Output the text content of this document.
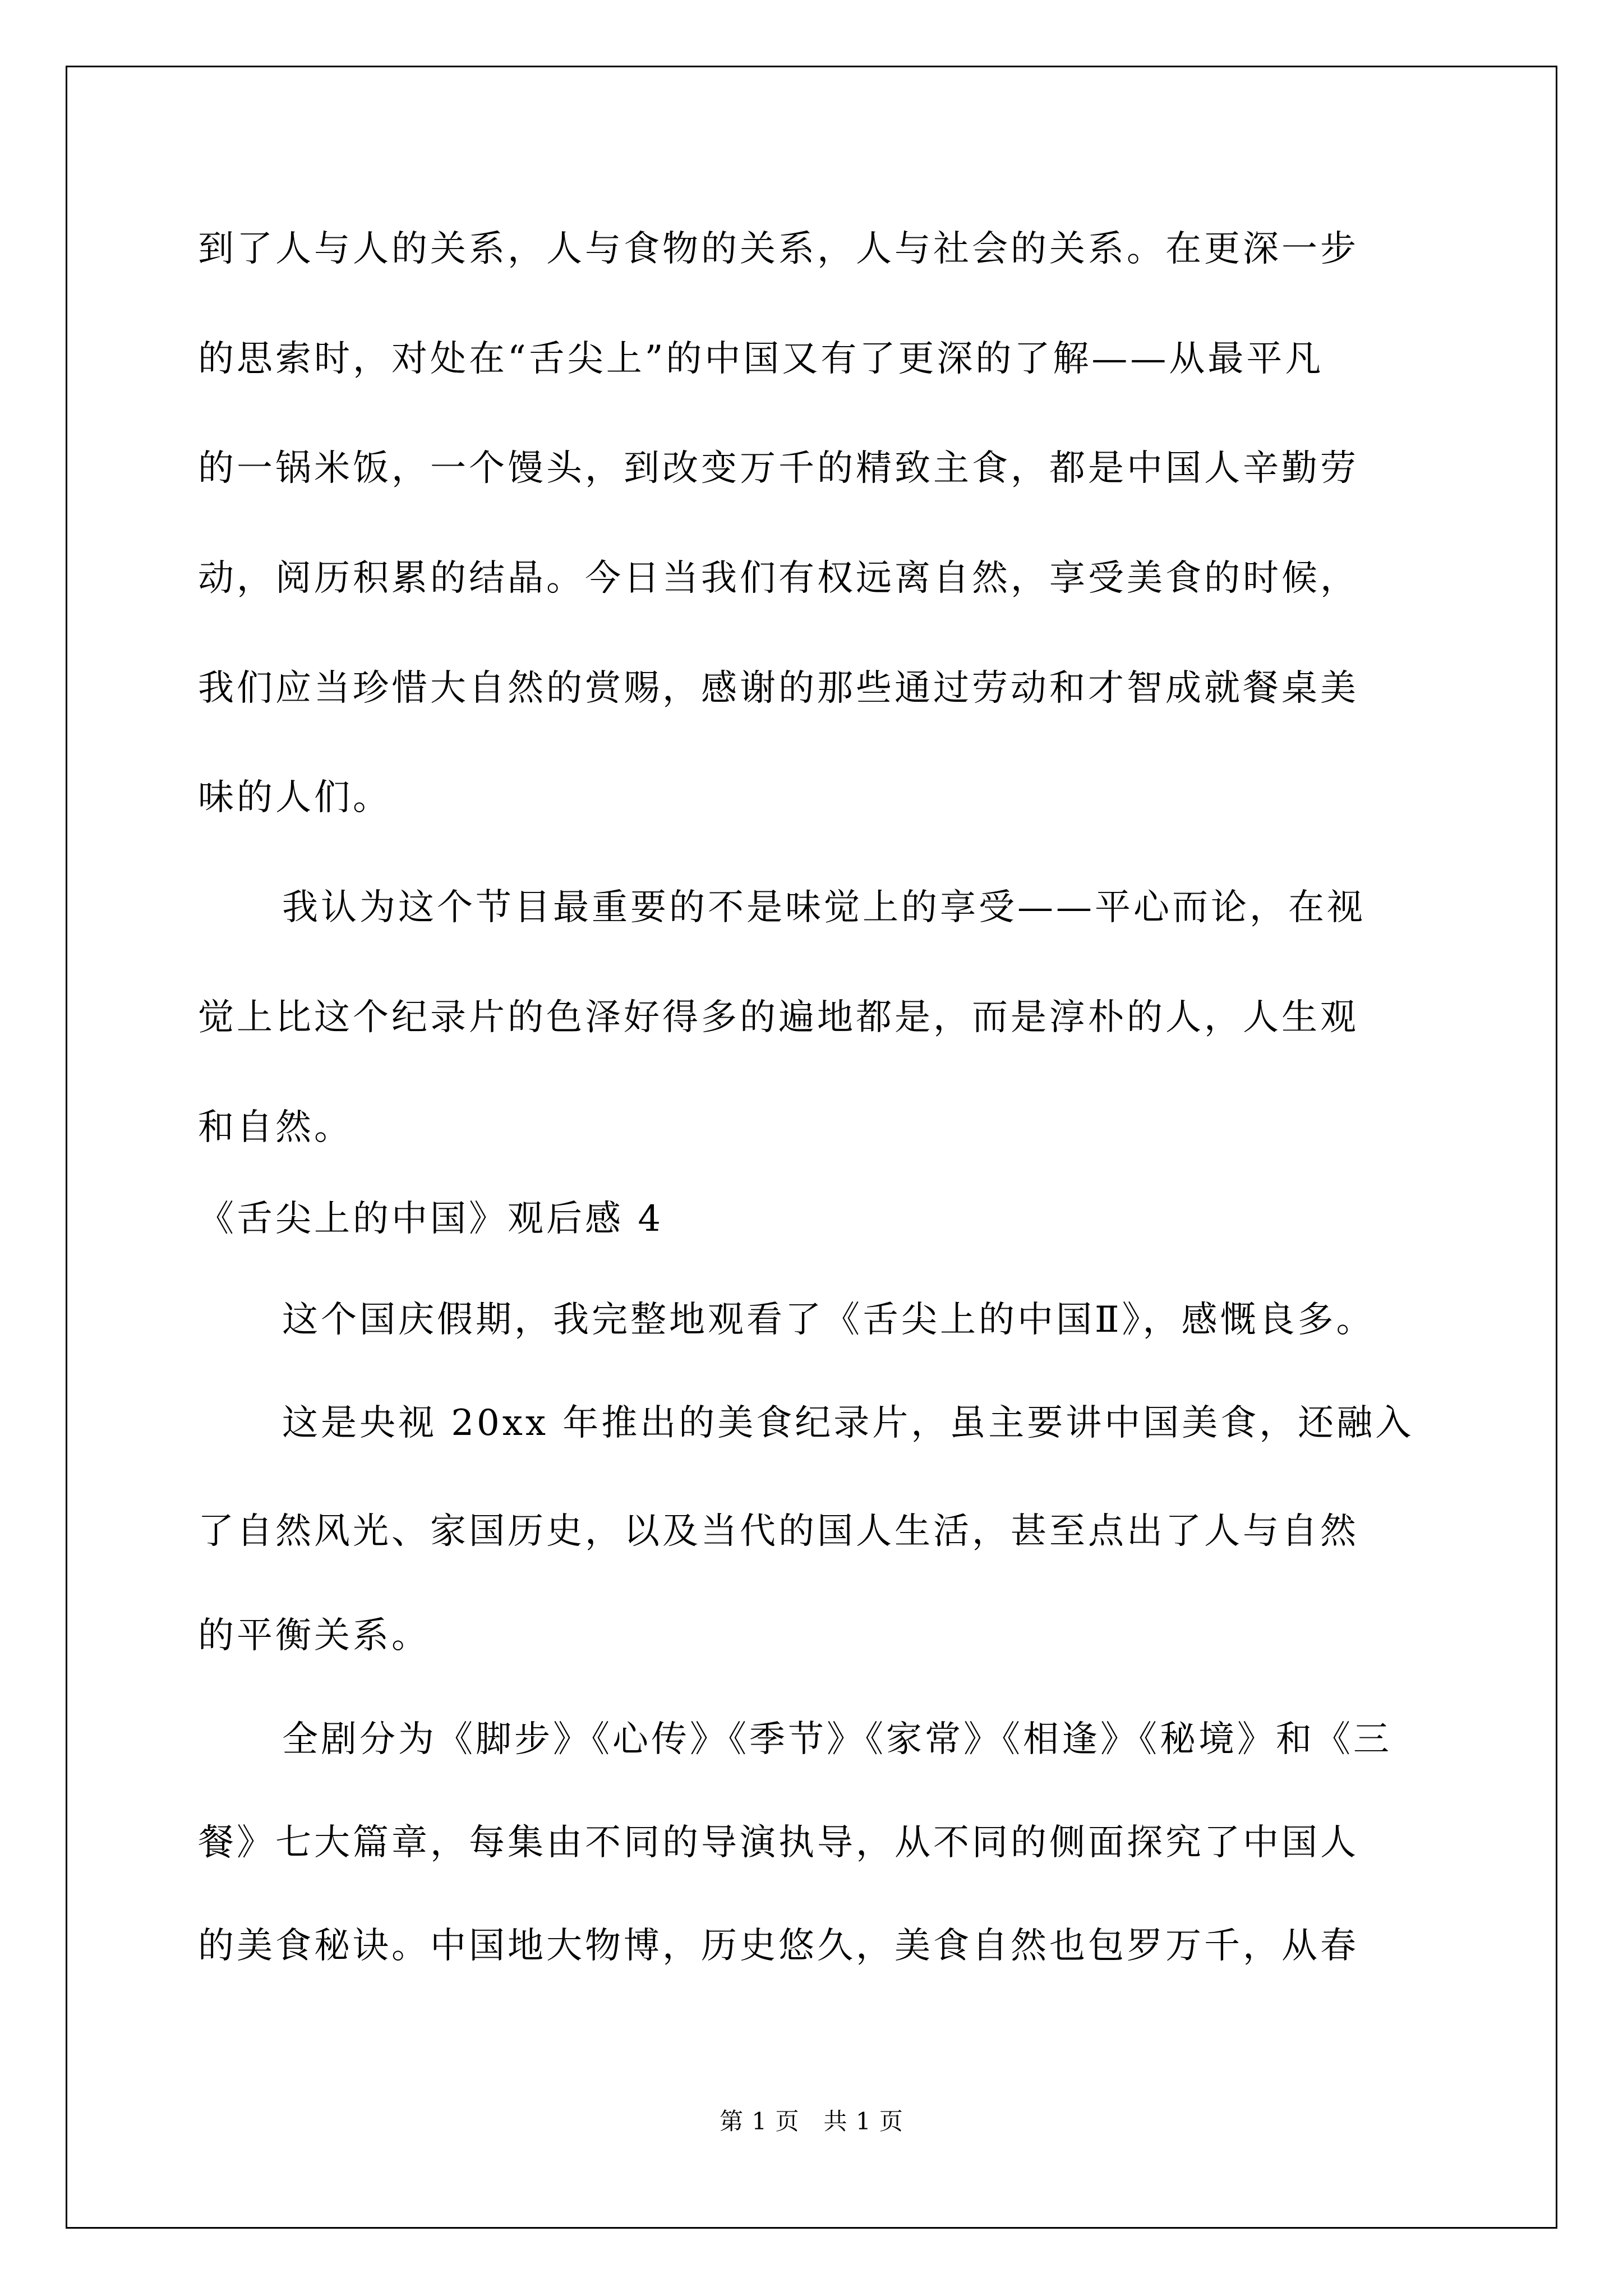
到了人与人的关系，人与食物的关系，人与社会的关系。在更深一步
的思索时，对处在“舌尖上”的中国又有了更深的了解——从最平凡
的一锅米饭，一个馒头，到改变万千的精致主食，都是中国人辛勤劳
动，阅历积累的结晶。今日当我们有权远离自然，享受美食的时候，
我们应当珍惜大自然的赏赐，感谢的那些通过劳动和才智成就餐桌美
味的人们。
我认为这个节目最重要的不是味觉上的享受——平心而论，在视
觉上比这个纪录片的色泽好得多的遍地都是，而是淳朴的人，人生观
和自然。
《舌尖上的中国》观后感 4
这个国庆假期，我完整地观看了《舌尖上的中国Ⅱ》，感慨良多。
这是央视 20xx 年推出的美食纪录片，虽主要讲中国美食，还融入
了自然风光、家国历史，以及当代的国人生活，甚至点出了人与自然
的平衡关系。
全剧分为《脚步》《心传》《季节》《家常》《相逢》《秘境》和《三
餐》七大篇章，每集由不同的导演执导，从不同的侧面探究了中国人
的美食秘诀。中国地大物博，历史悠久，美食自然也包罗万千，从春
第 1 页　共 1 页
